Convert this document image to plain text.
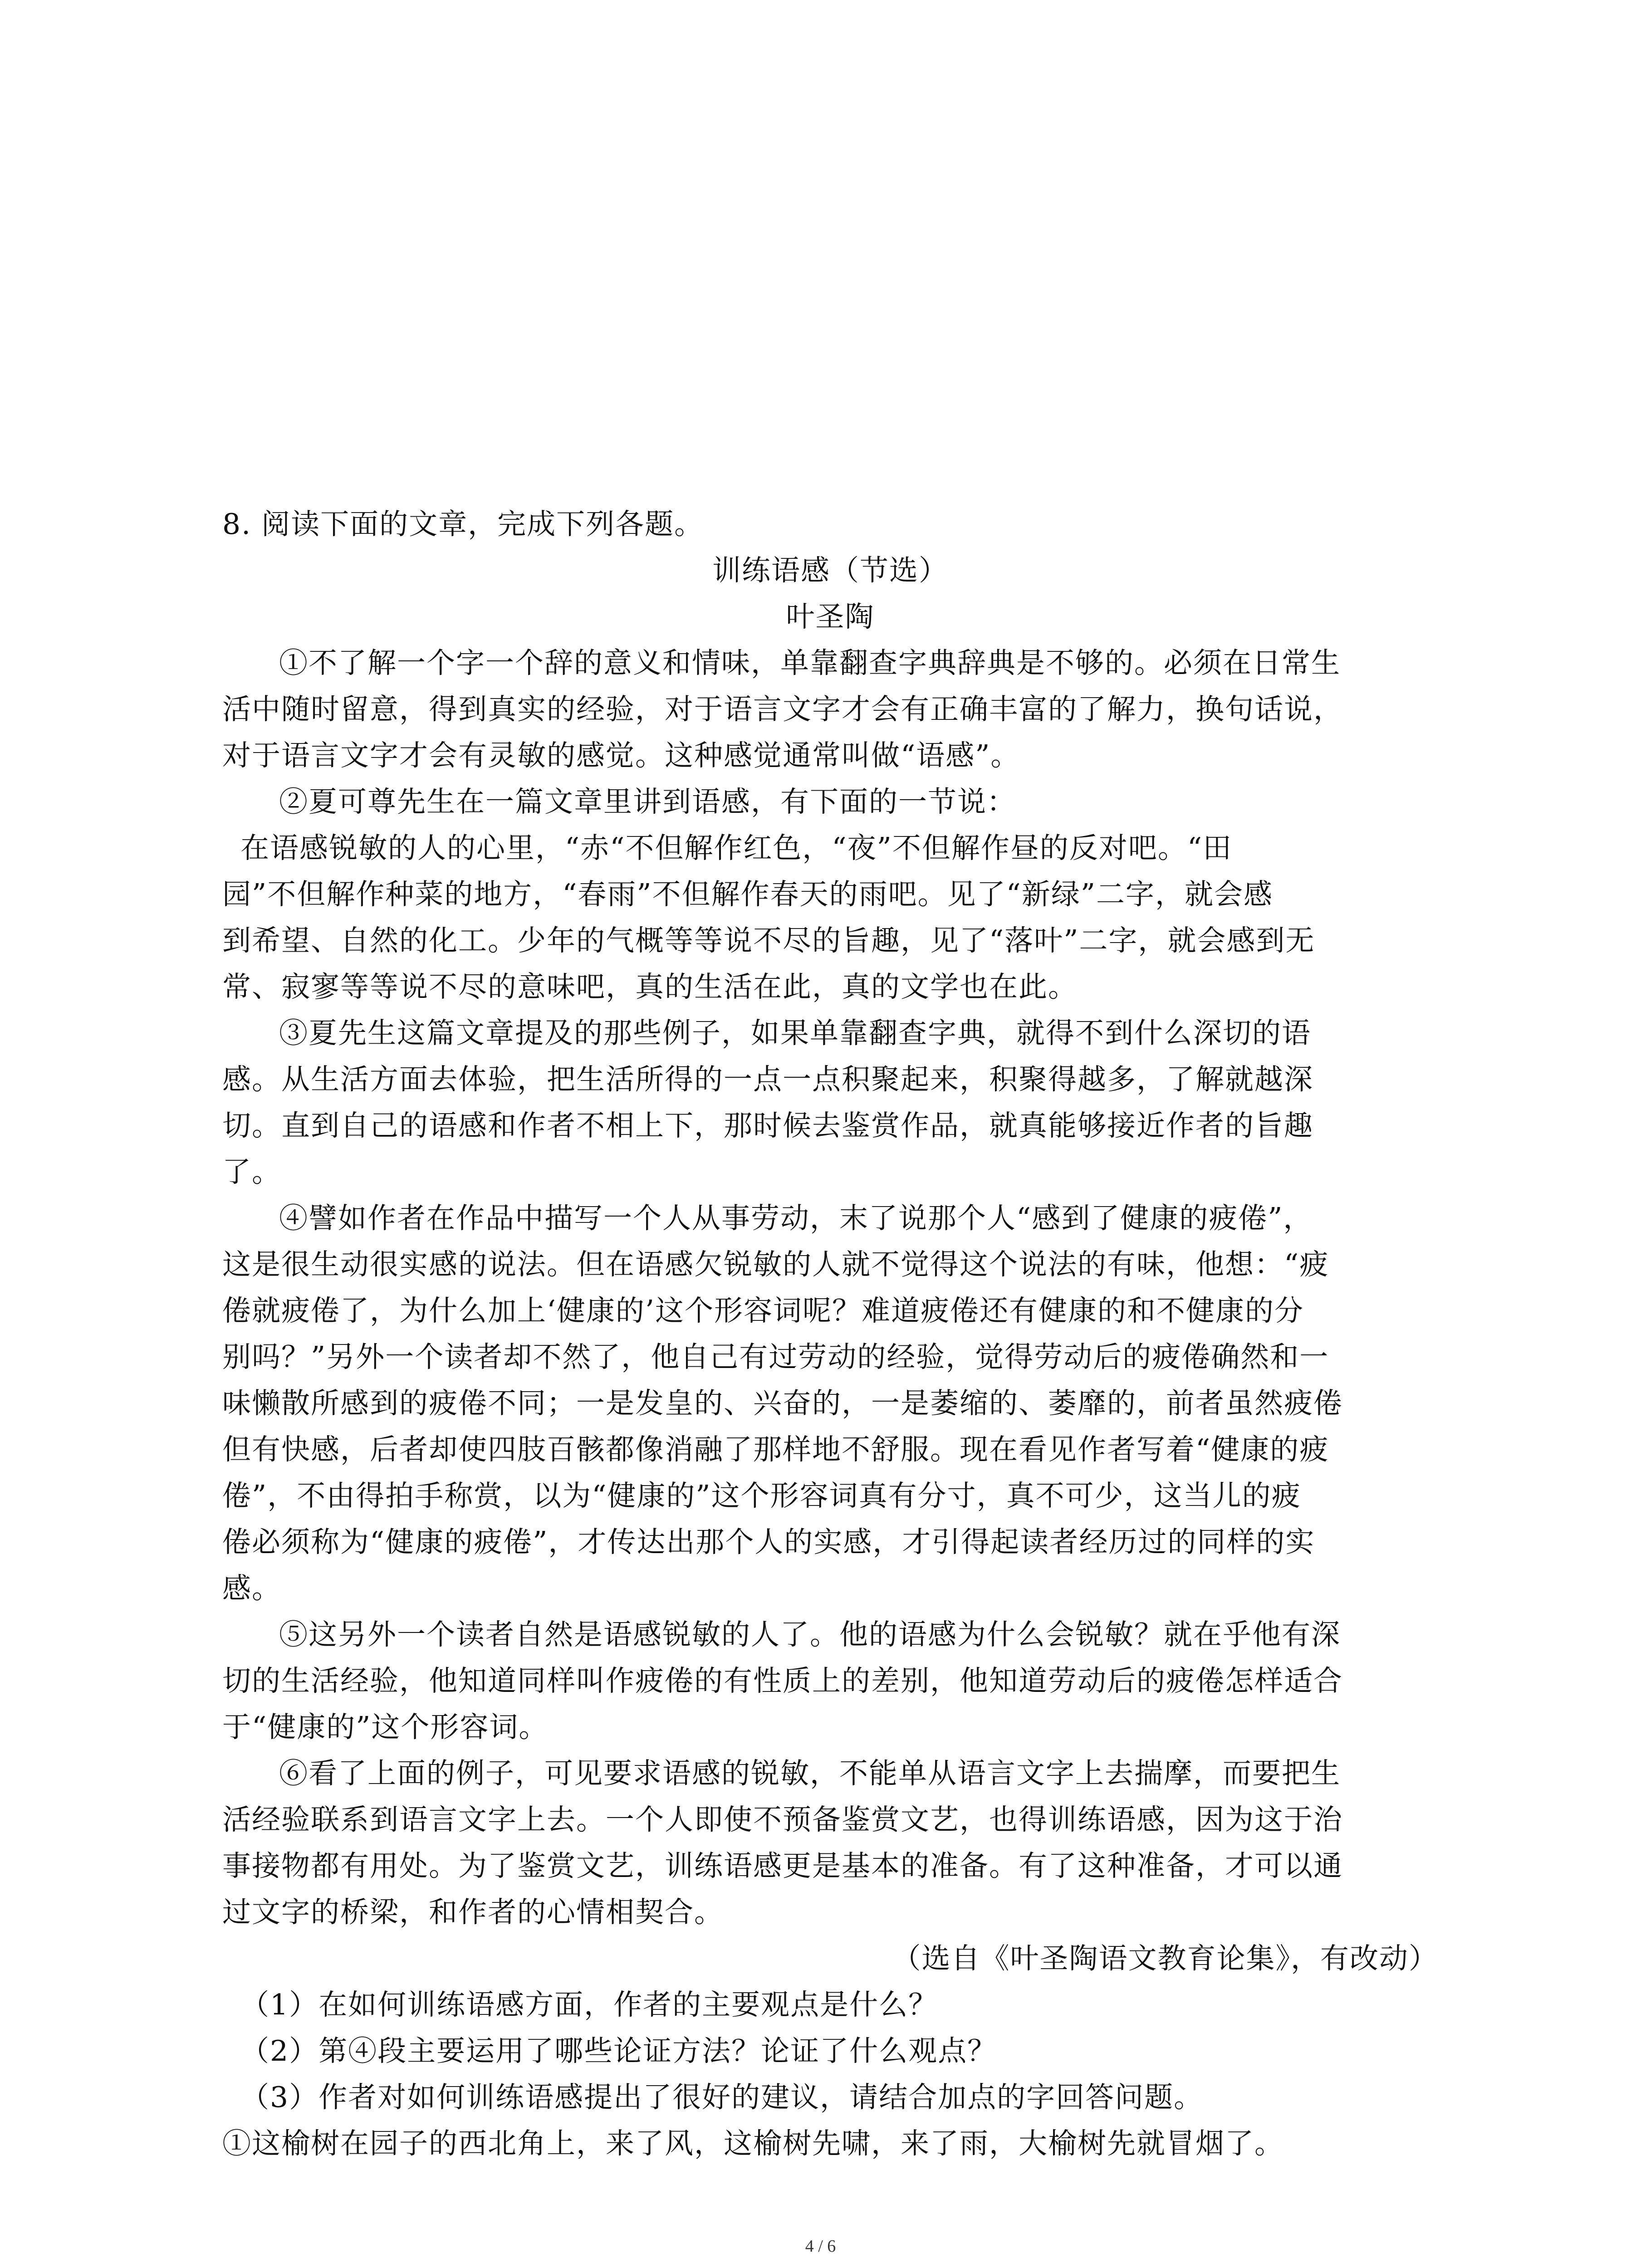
8. 阅读下面的文章，完成下列各题。
训练语感（节选）
叶圣陶
①不了解一个字一个辞的意义和情味，单靠翻查字典辞典是不够的。必须在日常生
活中随时留意，得到真实的经验，对于语言文字才会有正确丰富的了解力，换句话说，
对于语言文字才会有灵敏的感觉。这种感觉通常叫做“语感”。
②夏可尊先生在一篇文章里讲到语感，有下面的一节说：
在语感锐敏的人的心里，“赤“不但解作红色，“夜”不但解作昼的反对吧。“田
园”不但解作种菜的地方，“春雨”不但解作春天的雨吧。见了“新绿”二字，就会感
到希望、自然的化工。少年的气概等等说不尽的旨趣，见了“落叶”二字，就会感到无
常、寂寥等等说不尽的意味吧，真的生活在此，真的文学也在此。
③夏先生这篇文章提及的那些例子，如果单靠翻查字典，就得不到什么深切的语
感。从生活方面去体验，把生活所得的一点一点积聚起来，积聚得越多，了解就越深
切。直到自己的语感和作者不相上下，那时候去鉴赏作品，就真能够接近作者的旨趣
了。
④譬如作者在作品中描写一个人从事劳动，末了说那个人“感到了健康的疲倦”，
这是很生动很实感的说法。但在语感欠锐敏的人就不觉得这个说法的有味，他想：“疲
倦就疲倦了，为什么加上‘健康的’这个形容词呢？难道疲倦还有健康的和不健康的分
别吗？”另外一个读者却不然了，他自己有过劳动的经验，觉得劳动后的疲倦确然和一
味懒散所感到的疲倦不同；一是发皇的、兴奋的，一是萎缩的、萎靡的，前者虽然疲倦
但有快感，后者却使四肢百骸都像消融了那样地不舒服。现在看见作者写着“健康的疲
倦”，不由得拍手称赏，以为“健康的”这个形容词真有分寸，真不可少，这当儿的疲
倦必须称为“健康的疲倦”，才传达出那个人的实感，才引得起读者经历过的同样的实
感。
⑤这另外一个读者自然是语感锐敏的人了。他的语感为什么会锐敏？就在乎他有深
切的生活经验，他知道同样叫作疲倦的有性质上的差别，他知道劳动后的疲倦怎样适合
于“健康的”这个形容词。
⑥看了上面的例子，可见要求语感的锐敏，不能单从语言文字上去揣摩，而要把生
活经验联系到语言文字上去。一个人即使不预备鉴赏文艺，也得训练语感，因为这于治
事接物都有用处。为了鉴赏文艺，训练语感更是基本的准备。有了这种准备，才可以通
过文字的桥梁，和作者的心情相契合。
（选自《叶圣陶语文教育论集》，有改动）
（1）在如何训练语感方面，作者的主要观点是什么？
（2）第④段主要运用了哪些论证方法？论证了什么观点？
（3）作者对如何训练语感提出了很好的建议，请结合加点的字回答问题。
①这榆树在园子的西北角上，来了风，这榆树先啸，来了雨，大榆树先就冒烟了。
4 / 6
